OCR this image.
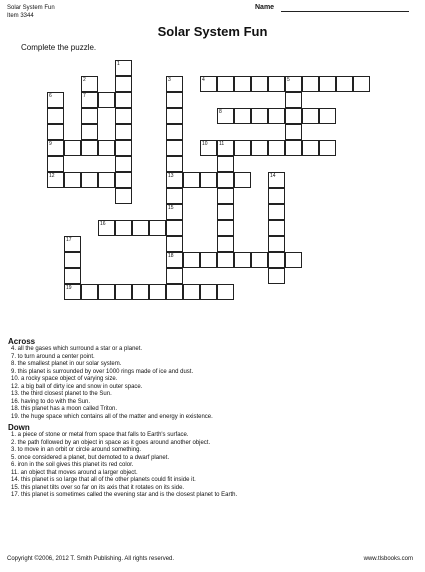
Solar System Fun
Item 3344
Name
Solar System Fun
Complete the puzzle.
4	5
7
8
9	10 11
12	13
16
18
19
1
2	3
6
14
15
17
Across
4. all the gases which surround a star or a planet.
7. to turn around a center point.
8. the smallest planet in our solar system.
9. this planet is surrounded by over 1000 rings made of ice and dust.
10. a rocky space object of varying size.
12. a big ball of dirty ice and snow in outer space.
13. the third closest planet to the Sun.
16. having to do with the Sun.
18. this planet has a moon called Triton.
19. the huge space which contains all of the matter and energy in existence.
Down
1. a piece of stone or metal from space that falls to Earth's surface.
2. the path followed by an object in space as it goes around another object.
3. to move in an orbit or circle around something.
5. once considered a planet, but demoted to a dwarf planet.
6. iron in the soil gives this planet its red color.
11. an object that moves around a larger object.
14. this planet is so large that all of the other planets could fit inside it.
15. this planet tilts over so far on its axis that it rotates on its side.
17. this planet is sometimes called the evening star and is the closest planet to Earth.
Copyright ©2006, 2012 T. Smith Publishing. All rights reserved.	www.tlsbooks.com
